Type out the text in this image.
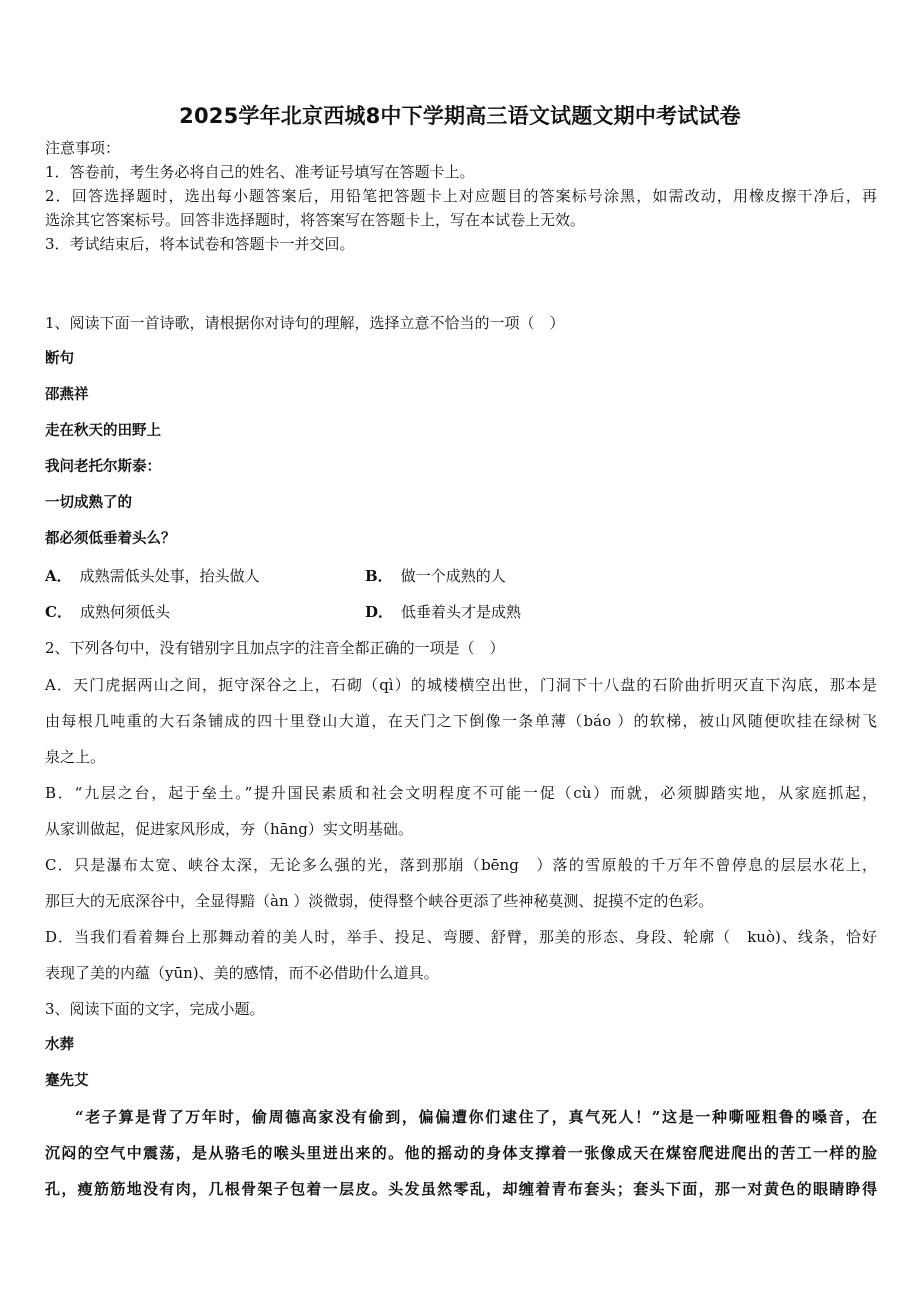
2025学年北京西城8中下学期高三语文试题文期中考试试卷
注意事项：
1．答卷前，考生务必将自己的姓名、准考证号填写在答题卡上。
2．回答选择题时，选出每小题答案后，用铅笔把答题卡上对应题目的答案标号涂黑，如需改动，用橡皮擦干净后，再
选涂其它答案标号。回答非选择题时，将答案写在答题卡上，写在本试卷上无效。
3．考试结束后，将本试卷和答题卡一并交回。
1、阅读下面一首诗歌，请根据你对诗句的理解，选择立意不恰当的一项（　）
断句
邵燕祥
走在秋天的田野上
我问老托尔斯泰：
一切成熟了的
都必须低垂着头么？
A． 成熟需低头处事，抬头做人	B． 做一个成熟的人
C． 成熟何须低头	D． 低垂着头才是成熟
2、下列各句中，没有错别字且加点字的注音全都正确的一项是（　）
A．天门虎据两山之间，扼守深谷之上，石砌（qì）的城楼横空出世，门洞下十八盘的石阶曲折明灭直下沟底，那本是
由每根几吨重的大石条铺成的四十里登山大道，在天门之下倒像一条单薄（báo ）的软梯，被山风随便吹挂在绿树飞
泉之上。
B．“九层之台，起于垒土。”提升国民素质和社会文明程度不可能一促（cù）而就，必须脚踏实地，从家庭抓起，
从家训做起，促进家风形成，夯（hāng）实文明基础。
C．只是瀑布太宽、峡谷太深，无论多么强的光，落到那崩（bēng　）落的雪原般的千万年不曾停息的层层水花上，
那巨大的无底深谷中，全显得黯（àn ）淡微弱，使得整个峡谷更添了些神秘莫测、捉摸不定的色彩。
D．当我们看着舞台上那舞动着的美人时，举手、投足、弯腰、舒臂，那美的形态、身段、轮廓（　kuò)、线条，恰好
表现了美的内蕴（yūn)、美的感情，而不必借助什么道具。
3、阅读下面的文字，完成小题。
水葬
蹇先艾
“老子算是背了万年时，偷周德高家没有偷到，偏偏遭你们逮住了，真气死人！”这是一种嘶哑粗鲁的嗓音，在
沉闷的空气中震荡，是从骆毛的喉头里迸出来的。他的摇动的身体支撑着一张像成天在煤窑爬进爬出的苦工一样的脸
孔，瘦筋筋地没有肉，几根骨架子包着一层皮。头发虽然零乱，却缠着青布套头；套头下面，那一对黄色的眼睛睁得
